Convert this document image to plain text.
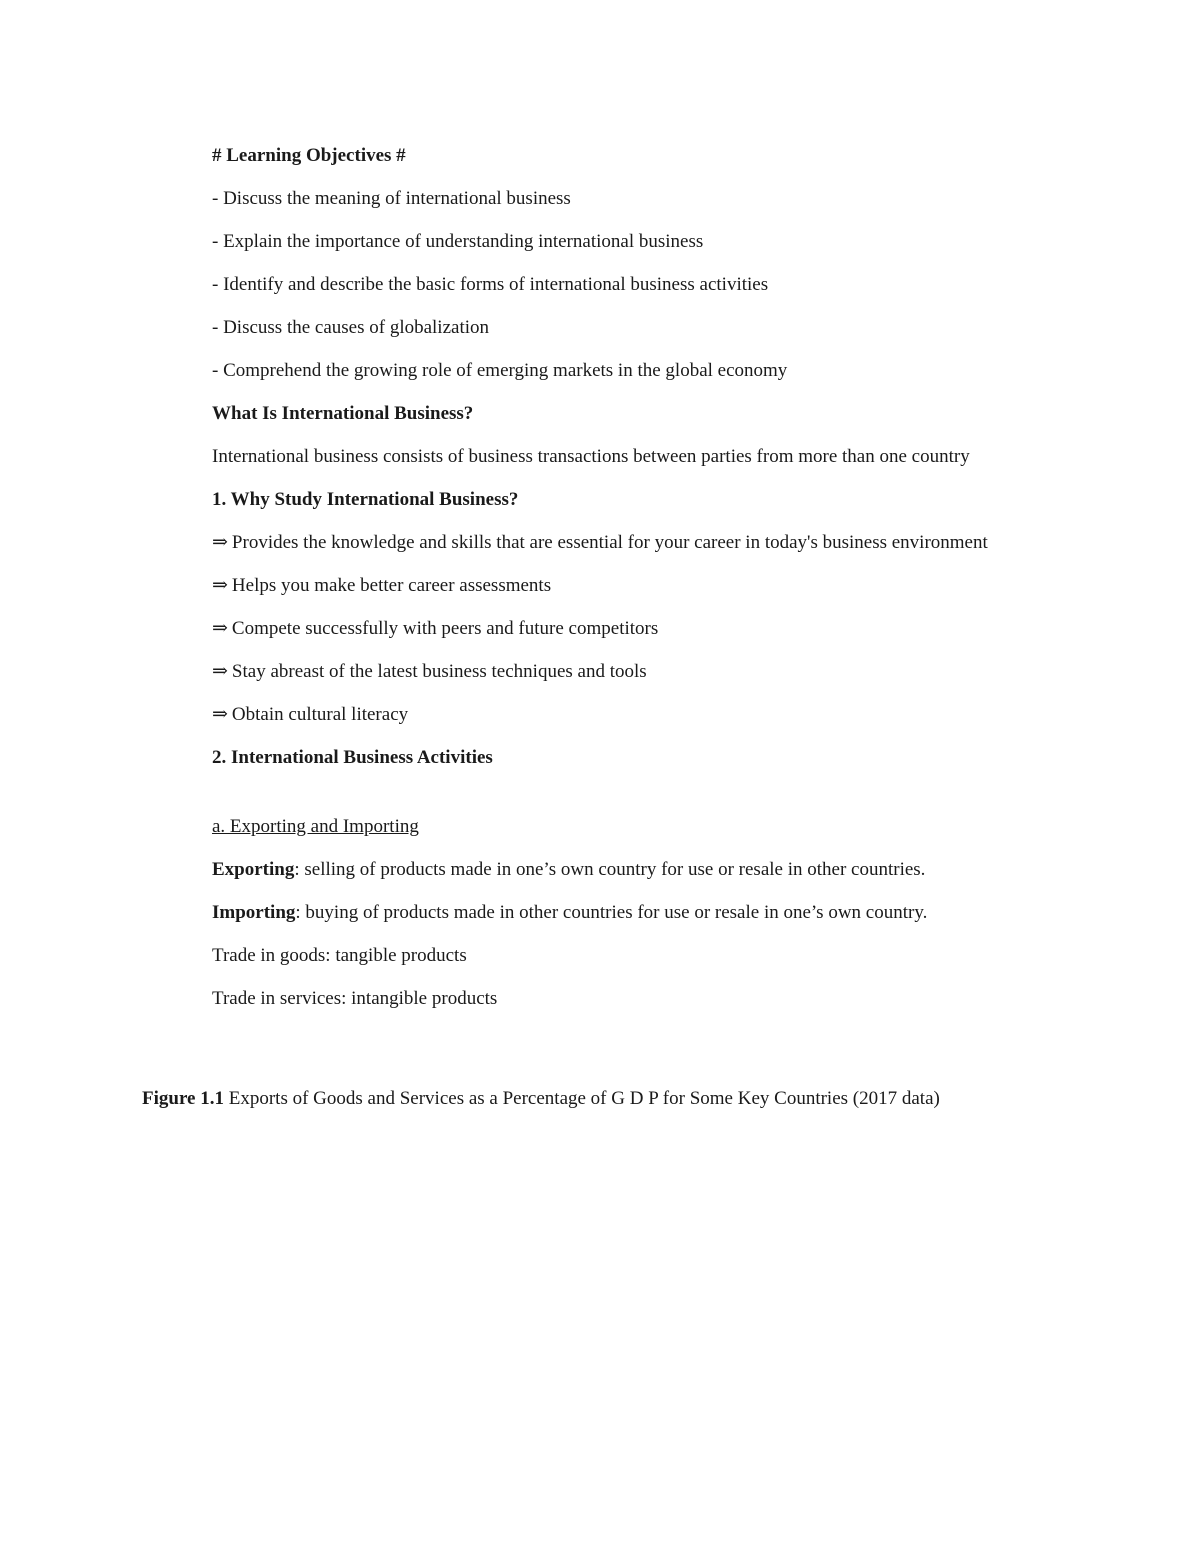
# Learning Objectives #

- Discuss the meaning of international business

- Explain the importance of understanding international business

- Identify and describe the basic forms of international business activities

- Discuss the causes of globalization

- Comprehend the growing role of emerging markets in the global economy

What Is International Business?

International business consists of business transactions between parties from more than one country

1. Why Study International Business?

⇒ Provides the knowledge and skills that are essential for your career in today's business environment

⇒ Helps you make better career assessments

⇒ Compete successfully with peers and future competitors

⇒ Stay abreast of the latest business techniques and tools

⇒ Obtain cultural literacy

2. International Business Activities

a. Exporting and Importing

Exporting: selling of products made in one’s own country for use or resale in other countries.

Importing: buying of products made in other countries for use or resale in one’s own country.

Trade in goods: tangible products

Trade in services: intangible products

Figure 1.1 Exports of Goods and Services as a Percentage of G D P for Some Key Countries (2017 data)
